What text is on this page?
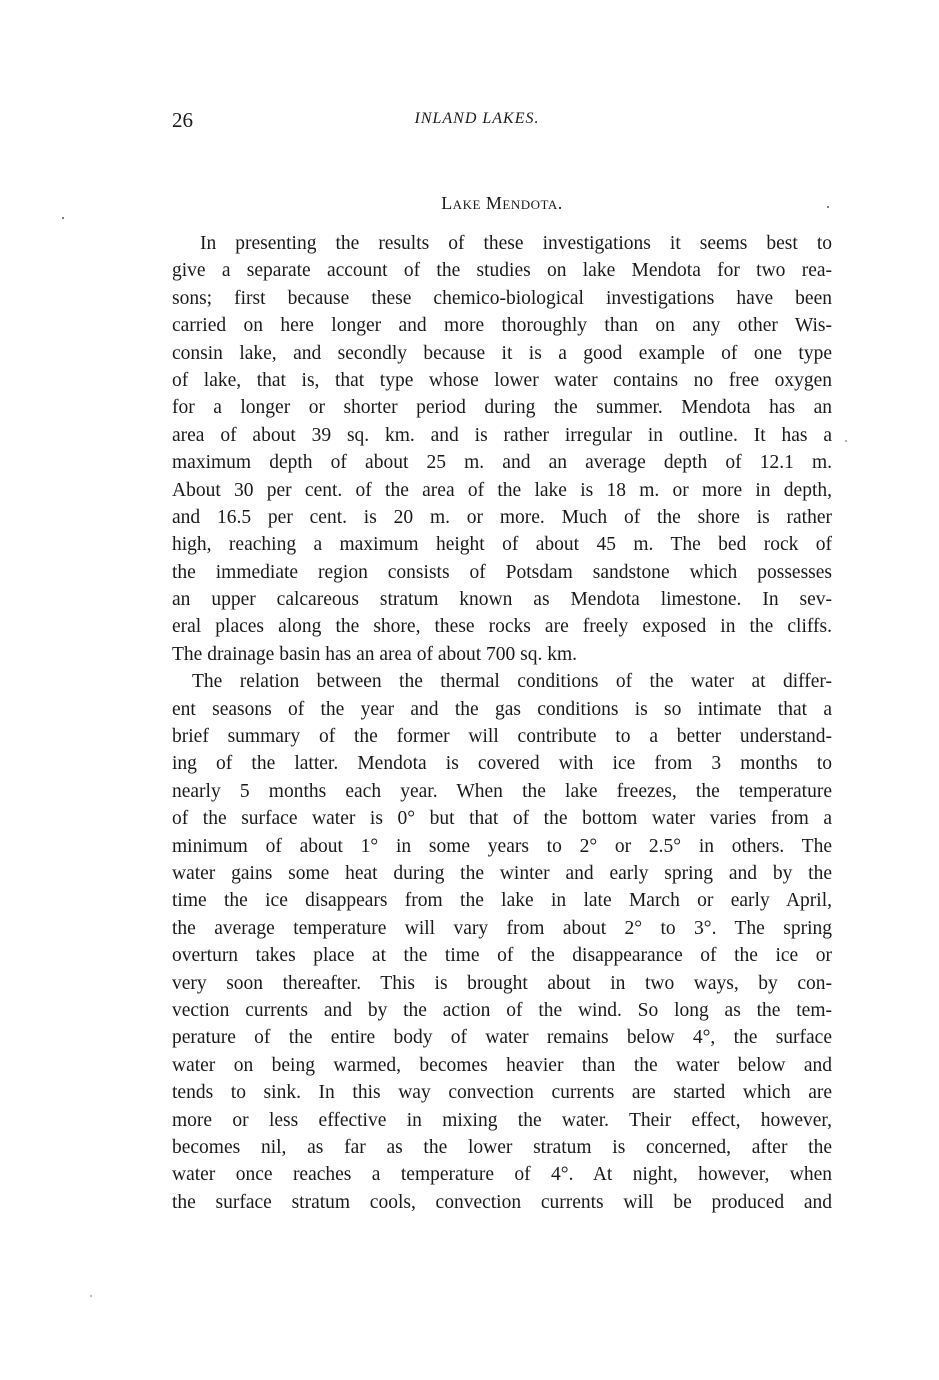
26	INLAND LAKES.
Lake Mendota.
In presenting the results of these investigations it seems best to
give a separate account of the studies on lake Mendota for two rea-
sons; first because these chemico-biological investigations have been
carried on here longer and more thoroughly than on any other Wis-
consin lake, and secondly because it is a good example of one type
of lake, that is, that type whose lower water contains no free oxygen
for a longer or shorter period during the summer. Mendota has an
area of about 39 sq. km. and is rather irregular in outline. It has a
maximum depth of about 25 m. and an average depth of 12.1 m.
About 30 per cent. of the area of the lake is 18 m. or more in depth,
and 16.5 per cent. is 20 m. or more. Much of the shore is rather
high, reaching a maximum height of about 45 m. The bed rock of
the immediate region consists of Potsdam sandstone which possesses
an upper calcareous stratum known as Mendota limestone. In sev-
eral places along the shore, these rocks are freely exposed in the cliffs.
The drainage basin has an area of about 700 sq. km.
The relation between the thermal conditions of the water at differ-
ent seasons of the year and the gas conditions is so intimate that a
brief summary of the former will contribute to a better understand-
ing of the latter. Mendota is covered with ice from 3 months to
nearly 5 months each year. When the lake freezes, the temperature
of the surface water is 0° but that of the bottom water varies from a
minimum of about 1° in some years to 2° or 2.5° in others. The
water gains some heat during the winter and early spring and by the
time the ice disappears from the lake in late March or early April,
the average temperature will vary from about 2° to 3°. The spring
overturn takes place at the time of the disappearance of the ice or
very soon thereafter. This is brought about in two ways, by con-
vection currents and by the action of the wind. So long as the tem-
perature of the entire body of water remains below 4°, the surface
water on being warmed, becomes heavier than the water below and
tends to sink. In this way convection currents are started which are
more or less effective in mixing the water. Their effect, however,
becomes nil, as far as the lower stratum is concerned, after the
water once reaches a temperature of 4°. At night, however, when
the surface stratum cools, convection currents will be produced and
